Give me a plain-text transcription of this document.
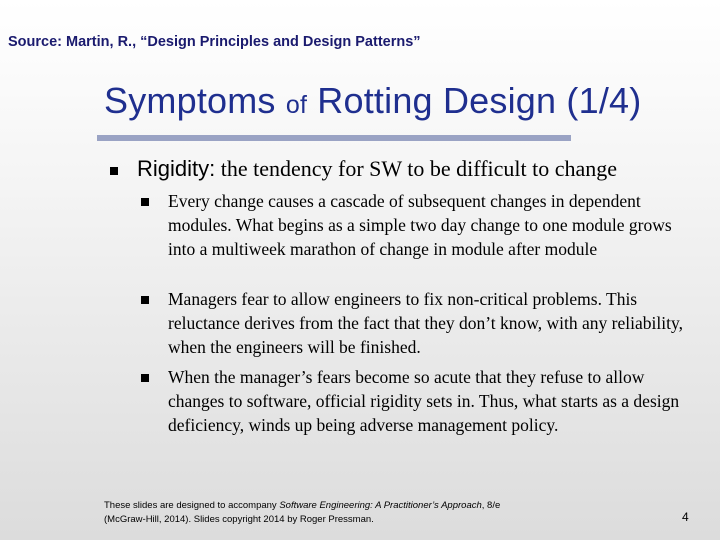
Source: Martin, R., “Design Principles and Design Patterns”
Symptoms of Rotting Design (1/4)
Rigidity: the tendency for SW to be difficult to change
Every change causes a cascade of subsequent changes in dependent modules. What begins as a simple two day change to one module grows into a multiweek marathon of change in module after module
Managers fear to allow engineers to fix non-critical problems. This reluctance derives from the fact that they don’t know, with any reliability, when the engineers will be finished.
When the manager’s fears become so acute that they refuse to allow changes to software, official rigidity sets in. Thus, what starts as a design deficiency, winds up being adverse management policy.
These slides are designed to accompany Software Engineering: A Practitioner’s Approach, 8/e
(McGraw-Hill, 2014). Slides copyright 2014 by Roger Pressman.	4
